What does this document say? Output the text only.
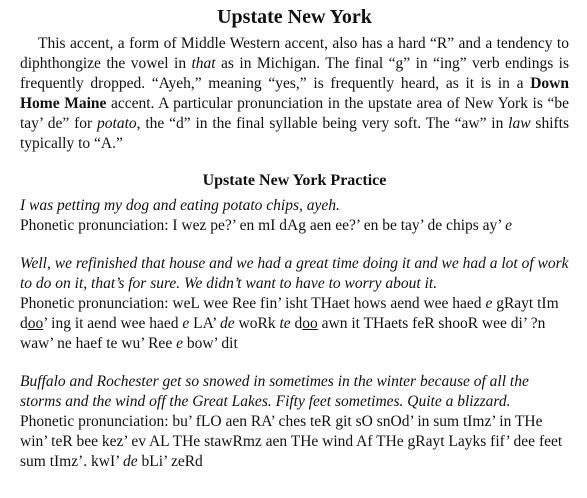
Upstate New York

This accent, a form of Middle Western accent, also has a hard “R” and a tendency to diphthongize the vowel in that as in Michigan. The final “g” in “ing” verb endings is frequently dropped. “Ayeh,” meaning “yes,” is frequently heard, as it is in a Down Home Maine accent. A particular pronunciation in the upstate area of New York is “be tay’ de” for potato, the “d” in the final syllable being very soft. The “aw” in law shifts typically to “A.”

Upstate New York Practice

I was petting my dog and eating potato chips, ayeh.
Phonetic pronunciation: I wez pe?’ en mI dAg aen ee?’ en be tay’ de chips ay’ e

Well, we refinished that house and we had a great time doing it and we had a lot of work to do on it, that’s for sure. We didn’t want to have to worry about it.
Phonetic pronunciation: weL wee Ree fin’ isht THaet hows aend wee haed e gRayt tIm doo’ ing it aend wee haed e LA’ de woRk te doo awn it THaets feR shooR wee di’ ?n waw’ ne haef te wu’ Ree e bow’ dit

Buffalo and Rochester get so snowed in sometimes in the winter because of all the storms and the wind off the Great Lakes. Fifty feet sometimes. Quite a blizzard.
Phonetic pronunciation: bu’ fLO aen RA’ ches teR git sO snOd’ in sum tImz’ in THe win’ teR bee kez’ ev AL THe stawRmz aen THe wind Af THe gRayt Layks fif’ dee feet sum tImz’. kwI’ de bLi’ zeRd
